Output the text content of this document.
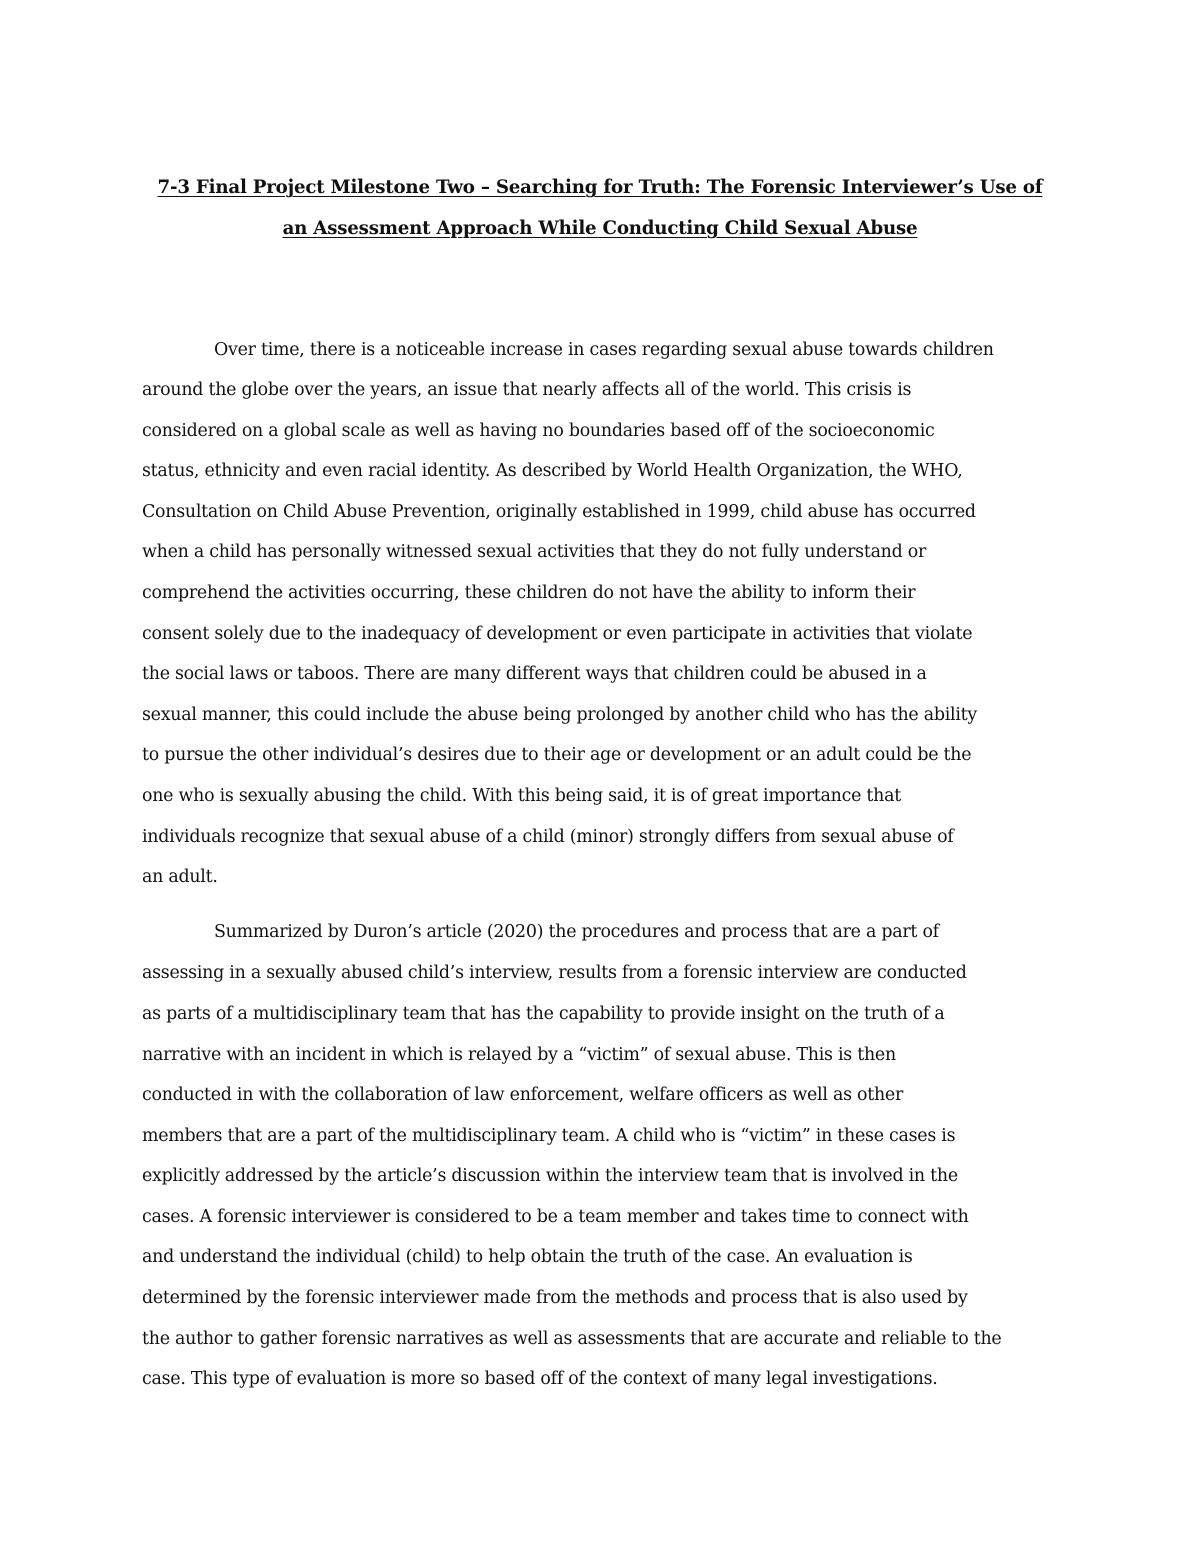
7-3 Final Project Milestone Two – Searching for Truth: The Forensic Interviewer’s Use of
an Assessment Approach While Conducting Child Sexual Abuse

Over time, there is a noticeable increase in cases regarding sexual abuse towards children

around the globe over the years, an issue that nearly affects all of the world. This crisis is

considered on a global scale as well as having no boundaries based off of the socioeconomic

status, ethnicity and even racial identity. As described by World Health Organization, the WHO,

Consultation on Child Abuse Prevention, originally established in 1999, child abuse has occurred

when a child has personally witnessed sexual activities that they do not fully understand or

comprehend the activities occurring, these children do not have the ability to inform their

consent solely due to the inadequacy of development or even participate in activities that violate

the social laws or taboos. There are many different ways that children could be abused in a

sexual manner, this could include the abuse being prolonged by another child who has the ability

to pursue the other individual’s desires due to their age or development or an adult could be the

one who is sexually abusing the child. With this being said, it is of great importance that

individuals recognize that sexual abuse of a child (minor) strongly differs from sexual abuse of

an adult.

Summarized by Duron’s article (2020) the procedures and process that are a part of

assessing in a sexually abused child’s interview, results from a forensic interview are conducted

as parts of a multidisciplinary team that has the capability to provide insight on the truth of a

narrative with an incident in which is relayed by a “victim” of sexual abuse. This is then

conducted in with the collaboration of law enforcement, welfare officers as well as other

members that are a part of the multidisciplinary team. A child who is “victim” in these cases is

explicitly addressed by the article’s discussion within the interview team that is involved in the

cases. A forensic interviewer is considered to be a team member and takes time to connect with

and understand the individual (child) to help obtain the truth of the case. An evaluation is

determined by the forensic interviewer made from the methods and process that is also used by

the author to gather forensic narratives as well as assessments that are accurate and reliable to the

case. This type of evaluation is more so based off of the context of many legal investigations.
